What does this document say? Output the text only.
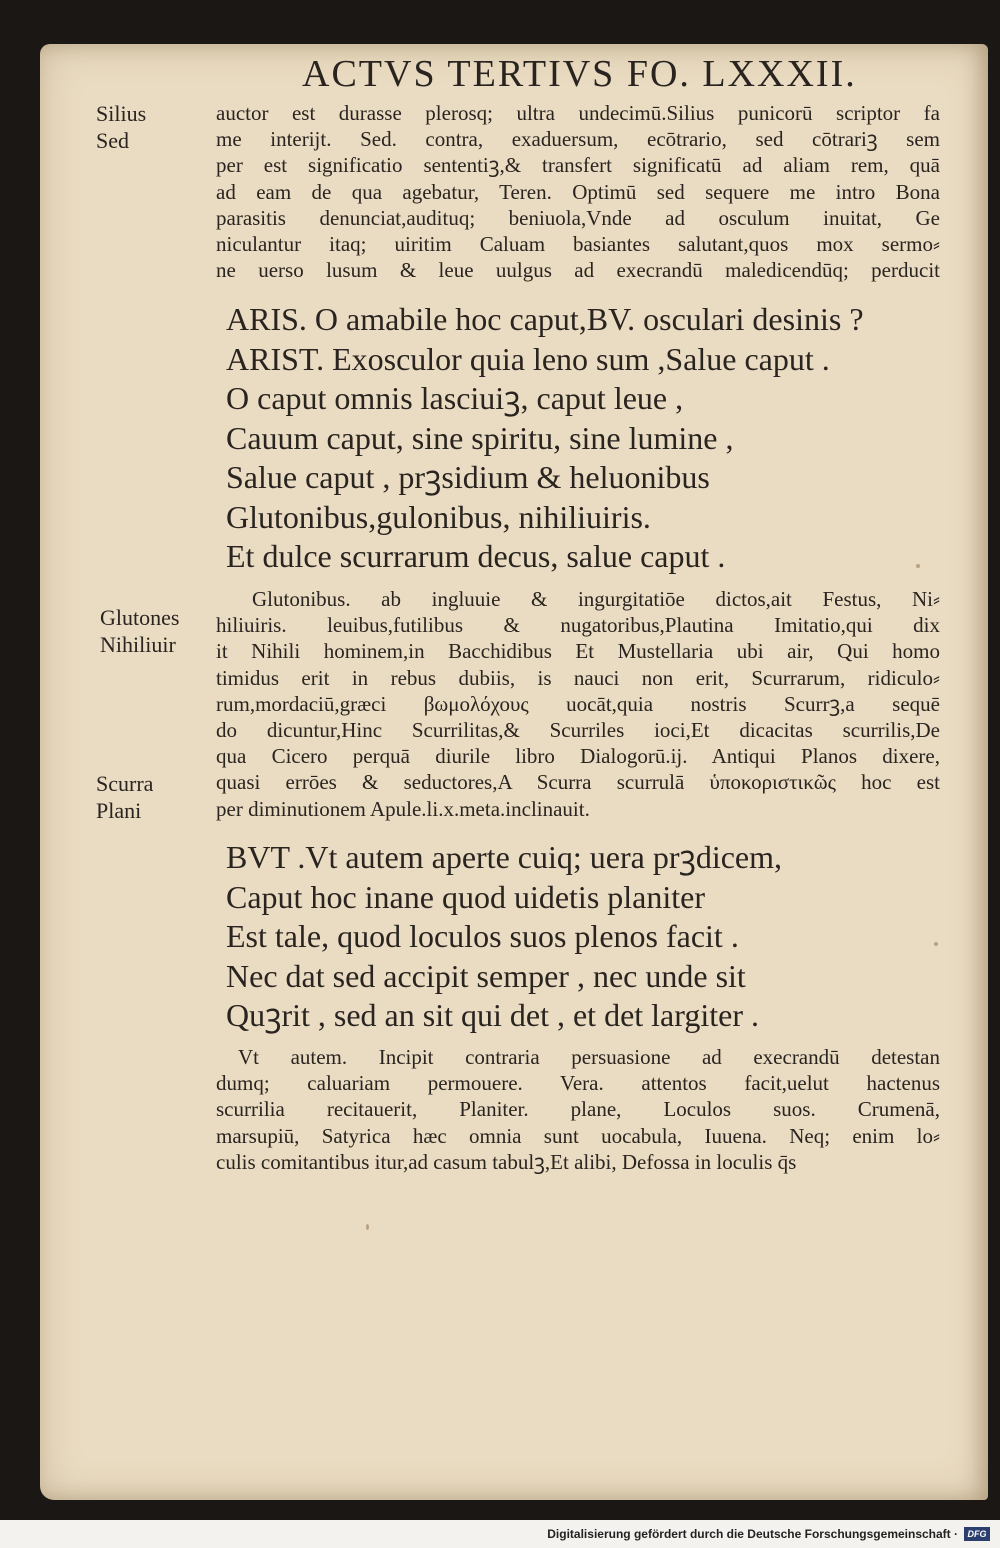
ACTVS TERTIVS FO. LXXXII.
Silius
Sed
Glutones
Nihiliuir
Scurra
Plani
auctor est durasse plerosq; ultra undecimū.Silius punicorū scriptor fa
me interijt. Sed. contra, exaduersum, ecōtrario, sed cōtrariꝫ sem
per est significatio sententiꝫ,& transfert significatū ad aliam rem, quā
ad eam de qua agebatur, Teren. Optimū sed sequere me intro Bona
parasitis denunciat,audituq; beniuola,Vnde ad osculum inuitat, Ge
niculantur itaq; uiritim Caluam basiantes salutant,quos mox sermo⸗
ne uerso lusum & leue uulgus ad execrandū maledicendūq; perducit
ARIS. O amabile hoc caput,BV. osculari desinis ?
ARIST. Exosculor quia leno sum ,Salue caput .
O caput omnis lasciuiꝫ, caput leue ,
Cauum caput, sine spiritu, sine lumine ,
Salue caput , prꝫsidium & heluonibus
Glutonibus,gulonibus, nihiliuiris.
Et dulce scurrarum decus, salue caput .
Glutonibus. ab ingluuie & ingurgitatiōe dictos,ait Festus, Ni⸗
hiliuiris. leuibus,futilibus & nugatoribus,Plautina Imitatio,qui dix
it Nihili hominem,in Bacchidibus Et Mustellaria ubi air, Qui homo
timidus erit in rebus dubiis, is nauci non erit, Scurrarum, ridiculo⸗
rum,mordaciū,græci βωμολόχους uocāt,quia nostris Scurrꝫ,a sequē
do dicuntur,Hinc Scurrilitas,& Scurriles ioci,Et dicacitas scurrilis,De
qua Cicero perquā diurile libro Dialogorū.ij. Antiqui Planos dixere,
quasi errōes & seductores,A Scurra scurrulā ὑποκοριστικῶς hoc est
per diminutionem Apule.li.x.meta.inclinauit.
BVT .Vt autem aperte cuiq; uera prꝫdicem,
Caput hoc inane quod uidetis planiter
Est tale, quod loculos suos plenos facit .
Nec dat sed accipit semper , nec unde sit
Quꝫrit , sed an sit qui det , et det largiter .
Vt autem. Incipit contraria persuasione ad execrandū detestan
dumq; caluariam permouere. Vera. attentos facit,uelut hactenus
scurrilia recitauerit, Planiter. plane, Loculos suos. Crumenā,
marsupiū, Satyrica hæc omnia sunt uocabula, Iuuena. Neq; enim lo⸗
culis comitantibus itur,ad casum tabulꝫ,Et alibi, Defossa in loculis q̄s
Digitalisierung gefördert durch die Deutsche Forschungsgemeinschaft ·	DFG
